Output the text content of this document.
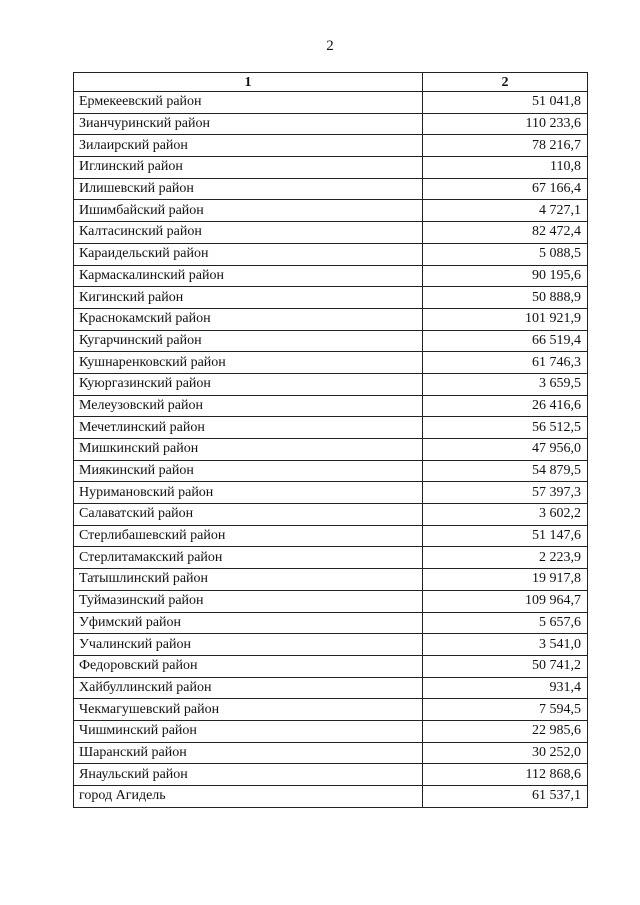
2
1	2
Ермекеевский район	51 041,8
Зианчуринский район	110 233,6
Зилаирский район	78 216,7
Иглинский район	110,8
Илишевский район	67 166,4
Ишимбайский район	4 727,1
Калтасинский район	82 472,4
Караидельский район	5 088,5
Кармаскалинский район	90 195,6
Кигинский район	50 888,9
Краснокамский район	101 921,9
Кугарчинский район	66 519,4
Кушнаренковский район	61 746,3
Куюргазинский район	3 659,5
Мелеузовский район	26 416,6
Мечетлинский район	56 512,5
Мишкинский район	47 956,0
Миякинский район	54 879,5
Нуримановский район	57 397,3
Салаватский район	3 602,2
Стерлибашевский район	51 147,6
Стерлитамакский район	2 223,9
Татышлинский район	19 917,8
Туймазинский район	109 964,7
Уфимский район	5 657,6
Учалинский район	3 541,0
Федоровский район	50 741,2
Хайбуллинский район	931,4
Чекмагушевский район	7 594,5
Чишминский район	22 985,6
Шаранский район	30 252,0
Янаульский район	112 868,6
город Агидель	61 537,1
